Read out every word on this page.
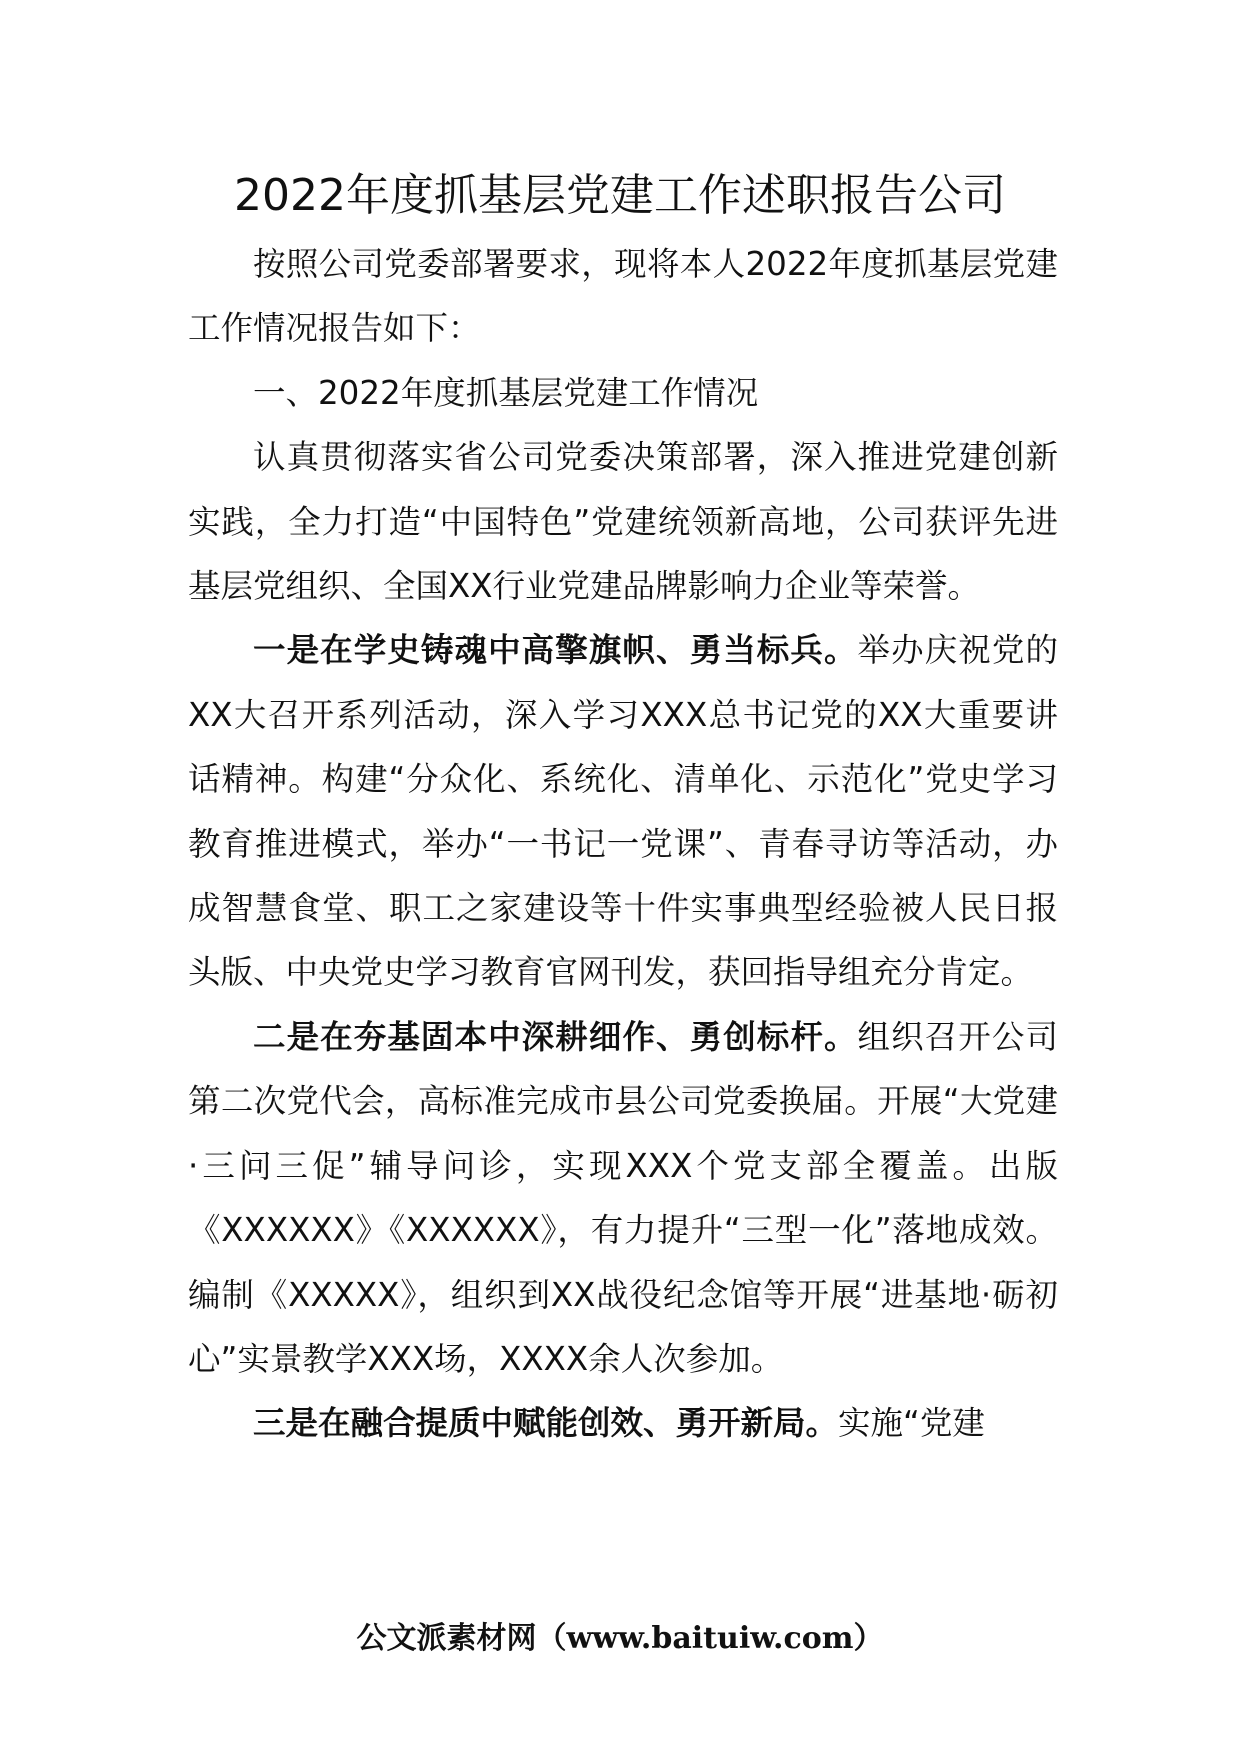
2022年度抓基层党建工作述职报告公司

按照公司党委部署要求，现将本人2022年度抓基层党建工作情况报告如下：

一、2022年度抓基层党建工作情况

认真贯彻落实省公司党委决策部署，深入推进党建创新实践，全力打造“中国特色”党建统领新高地，公司获评先进基层党组织、全国XX行业党建品牌影响力企业等荣誉。

一是在学史铸魂中高擎旗帜、勇当标兵。举办庆祝党的XX大召开系列活动，深入学习XXX总书记党的XX大重要讲话精神。构建“分众化、系统化、清单化、示范化”党史学习教育推进模式，举办“一书记一党课”、青春寻访等活动，办成智慧食堂、职工之家建设等十件实事典型经验被人民日报头版、中央党史学习教育官网刊发，获回指导组充分肯定。

二是在夯基固本中深耕细作、勇创标杆。组织召开公司第二次党代会，高标准完成市县公司党委换届。开展“大党建·三问三促”辅导问诊，实现XXX个党支部全覆盖。出版《XXXXXX》《XXXXXX》，有力提升“三型一化”落地成效。编制《XXXXX》，组织到XX战役纪念馆等开展“进基地·砺初心”实景教学XXX场，XXXX余人次参加。

三是在融合提质中赋能创效、勇开新局。实施“党建

公文派素材网（www.baituiw.com）
